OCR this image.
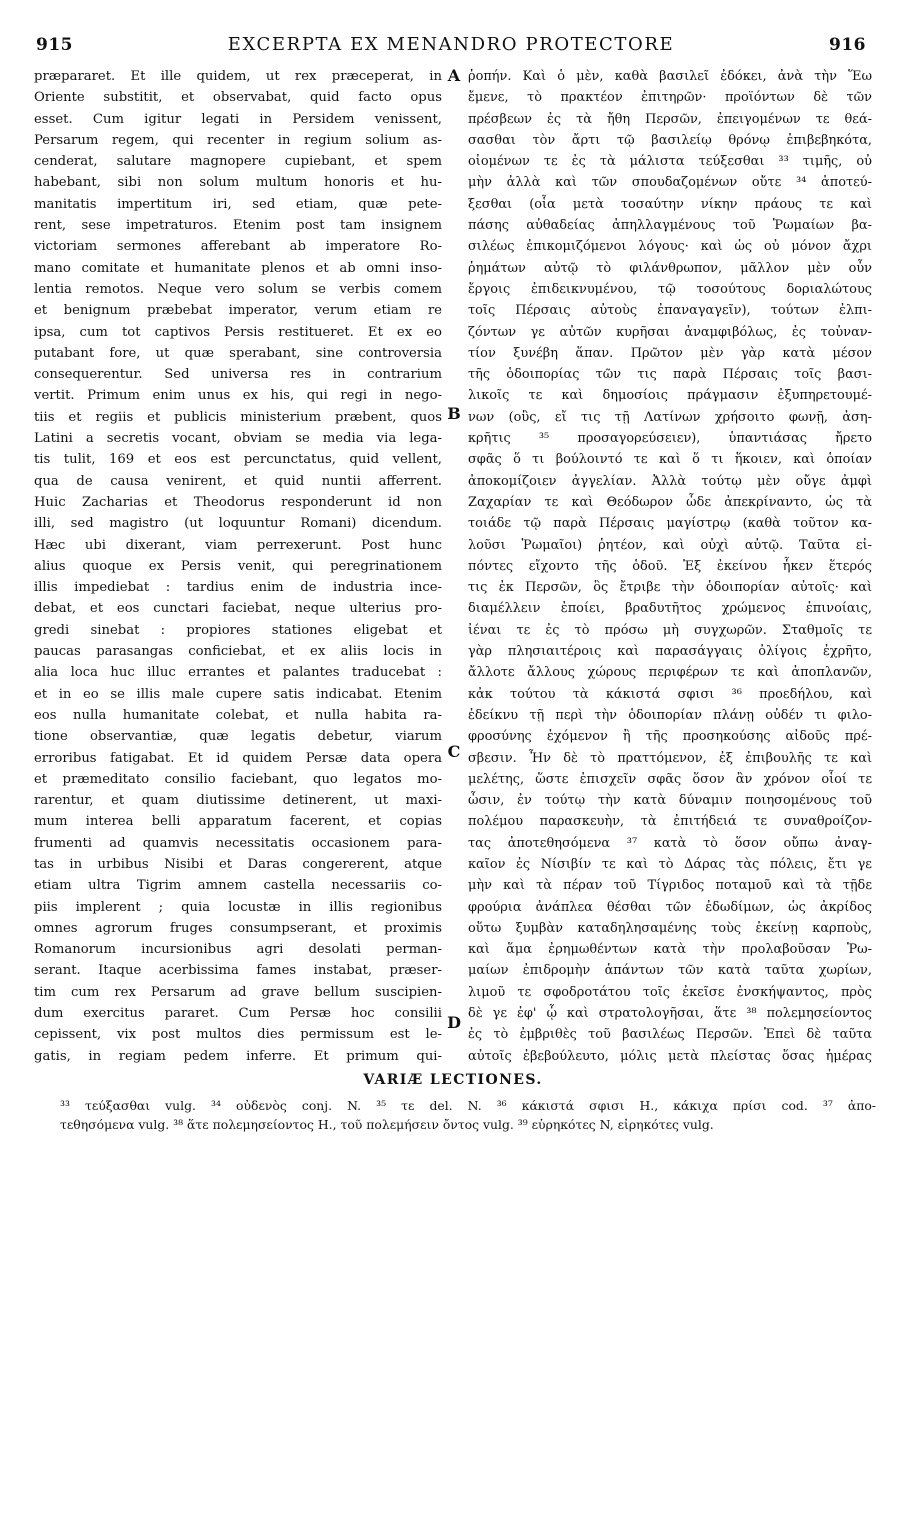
915	EXCERPTA EX MENANDRO PROTECTORE	916
præpararet. Et ille quidem, ut rex præceperat, in
Oriente substitit, et observabat, quid facto opus
esset. Cum igitur legati in Persidem venissent,
Persarum regem, qui recenter in regium solium as-
cenderat, salutare magnopere cupiebant, et spem
habebant, sibi non solum multum honoris et hu-
manitatis impertitum iri, sed etiam, quæ pete-
rent, sese impetraturos. Etenim post tam insignem
victoriam sermones afferebant ab imperatore Ro-
mano comitate et humanitate plenos et ab omni inso-
lentia remotos. Neque vero solum se verbis comem
et benignum præbebat imperator, verum etiam re
ipsa, cum tot captivos Persis restitueret. Et ex eo
putabant fore, ut quæ sperabant, sine controversia
consequerentur. Sed universa res in contrarium
vertit. Primum enim unus ex his, qui regi in nego-
tiis et regiis et publicis ministerium præbent, quos
Latini a secretis vocant, obviam se media via lega-
tis tulit, 169 et eos est percunctatus, quid vellent,
qua de causa venirent, et quid nuntii afferrent.
Huic Zacharias et Theodorus responderunt id non
illi, sed magistro (ut loquuntur Romani) dicendum.
Hæc ubi dixerant, viam perrexerunt. Post hunc
alius quoque ex Persis venit, qui peregrinationem
illis impediebat : tardius enim de industria ince-
debat, et eos cunctari faciebat, neque ulterius pro-
gredi sinebat : propiores stationes eligebat et
paucas parasangas conficiebat, et ex aliis locis in
alia loca huc illuc errantes et palantes traducebat :
et in eo se illis male cupere satis indicabat. Etenim
eos nulla humanitate colebat, et nulla habita ra-
tione observantiæ, quæ legatis debetur, viarum
erroribus fatigabat. Et id quidem Persæ data opera
et præmeditato consilio faciebant, quo legatos mo-
rarentur, et quam diutissime detinerent, ut maxi-
mum interea belli apparatum facerent, et copias
frumenti ad quamvis necessitatis occasionem para-
tas in urbibus Nisibi et Daras congererent, atque
etiam ultra Tigrim amnem castella necessariis co-
piis implerent ; quia locustæ in illis regionibus
omnes agrorum fruges consumpserant, et proximis
Romanorum incursionibus agri desolati perman-
serant. Itaque acerbissima fames instabat, præser-
tim cum rex Persarum ad grave bellum suscipien-
dum exercitus pararet. Cum Persæ hoc consilii
cepissent, vix post multos dies permissum est le-
gatis, in regiam pedem inferre. Et primum qui-
A
B
C
D
ῥοπήν. Καὶ ὁ μὲν, καθὰ βασιλεῖ ἐδόκει, ἀνὰ τὴν Ἕω
ἔμενε, τὸ πρακτέον ἐπιτηρῶν· προϊόντων δὲ τῶν
πρέσβεων ἐς τὰ ἤθη Περσῶν, ἐπειγομένων τε θεά-
σασθαι τὸν ἄρτι τῷ βασιλείῳ θρόνῳ ἐπιβεβηκότα,
οἰομένων τε ἐς τὰ μάλιστα τεύξεσθαι ³³ τιμῆς, οὐ
μὴν ἀλλὰ καὶ τῶν σπουδαζομένων οὔτε ³⁴ ἀποτεύ-
ξεσθαι (οἷα μετὰ τοσαύτην νίκην πράους τε καὶ
πάσης αὐθαδείας ἀπηλλαγμένους τοῦ Ῥωμαίων βα-
σιλέως ἐπικομιζόμενοι λόγους· καὶ ὡς οὐ μόνον ἄχρι
ῥημάτων αὐτῷ τὸ φιλάνθρωπον, μᾶλλον μὲν οὖν
ἔργοις ἐπιδεικνυμένου, τῷ τοσούτους δοριαλώτους
τοῖς Πέρσαις αὐτοὺς ἐπαναγαγεῖν), τούτων ἐλπι-
ζόντων γε αὐτῶν κυρῆσαι ἀναμφιβόλως, ἐς τοὐναν-
τίον ξυνέβη ἅπαν. Πρῶτον μὲν γὰρ κατὰ μέσον
τῆς ὁδοιπορίας τῶν τις παρὰ Πέρσαις τοῖς βασι-
λικοῖς τε καὶ δημοσίοις πράγμασιν ἐξυπηρετουμέ-
νων (οὓς, εἴ τις τῇ Λατίνων χρήσοιτο φωνῇ, ἀση-
κρῆτις ³⁵ προσαγορεύσειεν), ὑπαντιάσας ἤρετο
σφᾶς ὅ τι βούλοιντό τε καὶ ὅ τι ἥκοιεν, καὶ ὁποίαν
ἀποκομίζοιεν ἀγγελίαν. Ἀλλὰ τούτῳ μὲν οὔγε ἀμφὶ
Ζαχαρίαν τε καὶ Θεόδωρον ὧδε ἀπεκρίναντο, ὡς τὰ
τοιάδε τῷ παρὰ Πέρσαις μαγίστρῳ (καθὰ τοῦτον κα-
λοῦσι Ῥωμαῖοι) ῥητέον, καὶ οὐχὶ αὐτῷ. Ταῦτα εἰ-
πόντες εἴχοντο τῆς ὁδοῦ. Ἐξ ἐκείνου ἧκεν ἕτερός
τις ἐκ Περσῶν, ὃς ἔτριβε τὴν ὁδοιπορίαν αὐτοῖς· καὶ
διαμέλλειν ἐποίει, βραδυτῆτος χρώμενος ἐπινοίαις,
ἰέναι τε ἐς τὸ πρόσω μὴ συγχωρῶν. Σταθμοῖς τε
γὰρ πλησιαιτέροις καὶ παρασάγγαις ὀλίγοις ἐχρῆτο,
ἄλλοτε ἄλλους χώρους περιφέρων τε καὶ ἀποπλανῶν,
κἀκ τούτου τὰ κάκιστά σφισι ³⁶ προεδήλου, καὶ
ἐδείκνυ τῇ περὶ τὴν ὁδοιπορίαν πλάνῃ οὐδέν τι φιλο-
φροσύνης ἐχόμενον ἢ τῆς προσηκούσης αἰδοῦς πρέ-
σβεσιν. Ἦν δὲ τὸ πραττόμενον, ἐξ ἐπιβουλῆς τε καὶ
μελέτης, ὥστε ἐπισχεῖν σφᾶς ὅσον ἂν χρόνον οἷοί τε
ὦσιν, ἐν τούτῳ τὴν κατὰ δύναμιν ποιησομένους τοῦ
πολέμου παρασκευὴν, τὰ ἐπιτήδειά τε συναθροίζον-
τας ἀποτεθησόμενα ³⁷ κατὰ τὸ ὅσον οὔπω ἀναγ-
καῖον ἐς Νίσιβίν τε καὶ τὸ Δάρας τὰς πόλεις, ἔτι γε
μὴν καὶ τὰ πέραν τοῦ Τίγριδος ποταμοῦ καὶ τὰ τῇδε
φρούρια ἀνάπλεα θέσθαι τῶν ἐδωδίμων, ὡς ἀκρίδος
οὕτω ξυμβὰν καταδηλησαμένης τοὺς ἐκείνῃ καρποὺς,
καὶ ἅμα ἐρημωθέντων κατὰ τὴν προλαβοῦσαν Ῥω-
μαίων ἐπιδρομὴν ἁπάντων τῶν κατὰ ταῦτα χωρίων,
λιμοῦ τε σφοδροτάτου τοῖς ἐκεῖσε ἐνσκήψαντος, πρὸς
δὲ γε ἐφ' ᾧ καὶ στρατολογῆσαι, ἅτε ³⁸ πολεμησείοντος
ἐς τὸ ἐμβριθὲς τοῦ βασιλέως Περσῶν. Ἐπεὶ δὲ ταῦτα
αὐτοῖς ἐβεβούλευτο, μόλις μετὰ πλείστας ὅσας ἡμέρας
VARIÆ LECTIONES.
³³ τεύξασθαι vulg. ³⁴ οὐδενὸς conj. N. ³⁵ τε del. N. ³⁶ κάκιστά σφισι H., κάκιχα πρίσι cod. ³⁷ ἀπο-
τεθησόμενα vulg. ³⁸ ἅτε πολεμησείοντος H., τοῦ πολεμήσειν ὄντος vulg. ³⁹ εὑρηκότες N, εἰρηκότες vulg.
